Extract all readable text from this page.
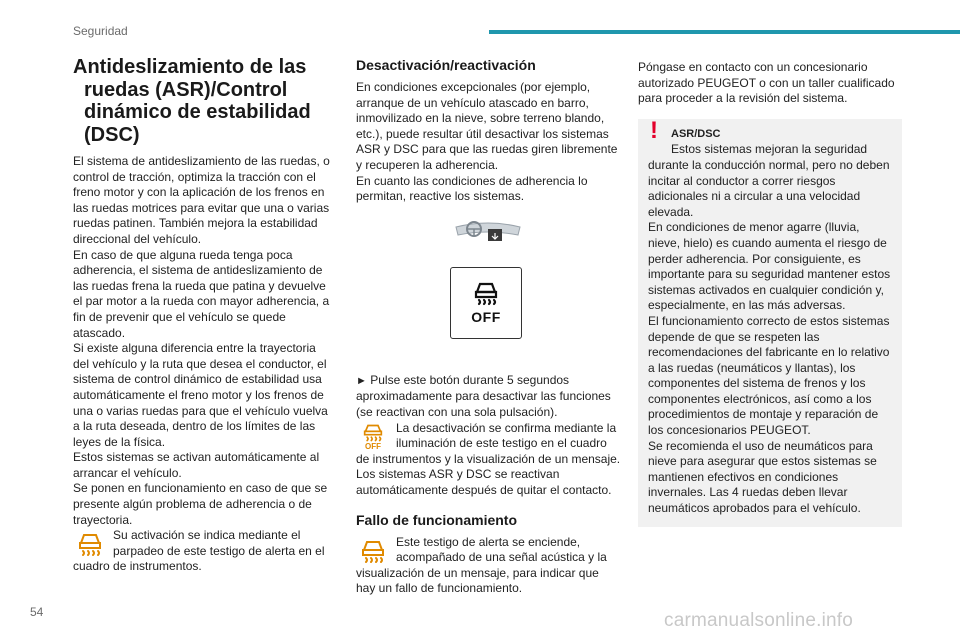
Seguridad
Antideslizamiento de las
ruedas (ASR)/Control
dinámico de estabilidad
(DSC)

El sistema de antideslizamiento de las ruedas, o control de tracción, optimiza la tracción con el freno motor y con la aplicación de los frenos en las ruedas motrices para evitar que una o varias ruedas patinen. También mejora la estabilidad direccional del vehículo.

En caso de que alguna rueda tenga poca adherencia, el sistema de antideslizamiento de las ruedas frena la rueda que patina y devuelve el par motor a la rueda con mayor adherencia, a fin de prevenir que el vehículo se quede atascado.

Si existe alguna diferencia entre la trayectoria del vehículo y la ruta que desea el conductor, el sistema de control dinámico de estabilidad usa automáticamente el freno motor y los frenos de una o varias ruedas para que el vehículo vuelva a la ruta deseada, dentro de los límites de las leyes de la física.

Estos sistemas se activan automáticamente al arrancar el vehículo.

Se ponen en funcionamiento en caso de que se presente algún problema de adherencia o de trayectoria.

Su activación se indica mediante el parpadeo de este testigo de alerta en el cuadro de instrumentos.
Desactivación/reactivación

En condiciones excepcionales (por ejemplo, arranque de un vehículo atascado en barro, inmovilizado en la nieve, sobre terreno blando, etc.), puede resultar útil desactivar los sistemas ASR y DSC para que las ruedas giren libremente y recuperen la adherencia.

En cuanto las condiciones de adherencia lo permitan, reactive los sistemas.

OFF

► Pulse este botón durante 5 segundos aproximadamente para desactivar las funciones (se reactivan con una sola pulsación).

OFF
La desactivación se confirma mediante la iluminación de este testigo en el cuadro de instrumentos y la visualización de un mensaje.

Los sistemas ASR y DSC se reactivan automáticamente después de quitar el contacto.

Fallo de funcionamiento
Este testigo de alerta se enciende, acompañado de una señal acústica y la visualización de un mensaje, para indicar que hay un fallo de funcionamiento.

Póngase en contacto con un concesionario autorizado PEUGEOT o con un taller cualificado para proceder a la revisión del sistema.

!	ASR/DSC
Estos sistemas mejoran la seguridad

durante la conducción normal, pero no deben incitar al conductor a correr riesgos adicionales ni a circular a una velocidad elevada.

En condiciones de menor agarre (lluvia, nieve, hielo) es cuando aumenta el riesgo de perder adherencia. Por consiguiente, es importante para su seguridad mantener estos sistemas activados en cualquier condición y, especialmente, en las más adversas.

El funcionamiento correcto de estos sistemas depende de que se respeten las recomendaciones del fabricante en lo relativo a las ruedas (neumáticos y llantas), los componentes del sistema de frenos y los componentes electrónicos, así como a los procedimientos de montaje y reparación de los concesionarios PEUGEOT.

Se recomienda el uso de neumáticos para nieve para asegurar que estos sistemas se mantienen efectivos en condiciones invernales. Las 4 ruedas deben llevar neumáticos aprobados para el vehículo.

54	carmanualsonline.info
